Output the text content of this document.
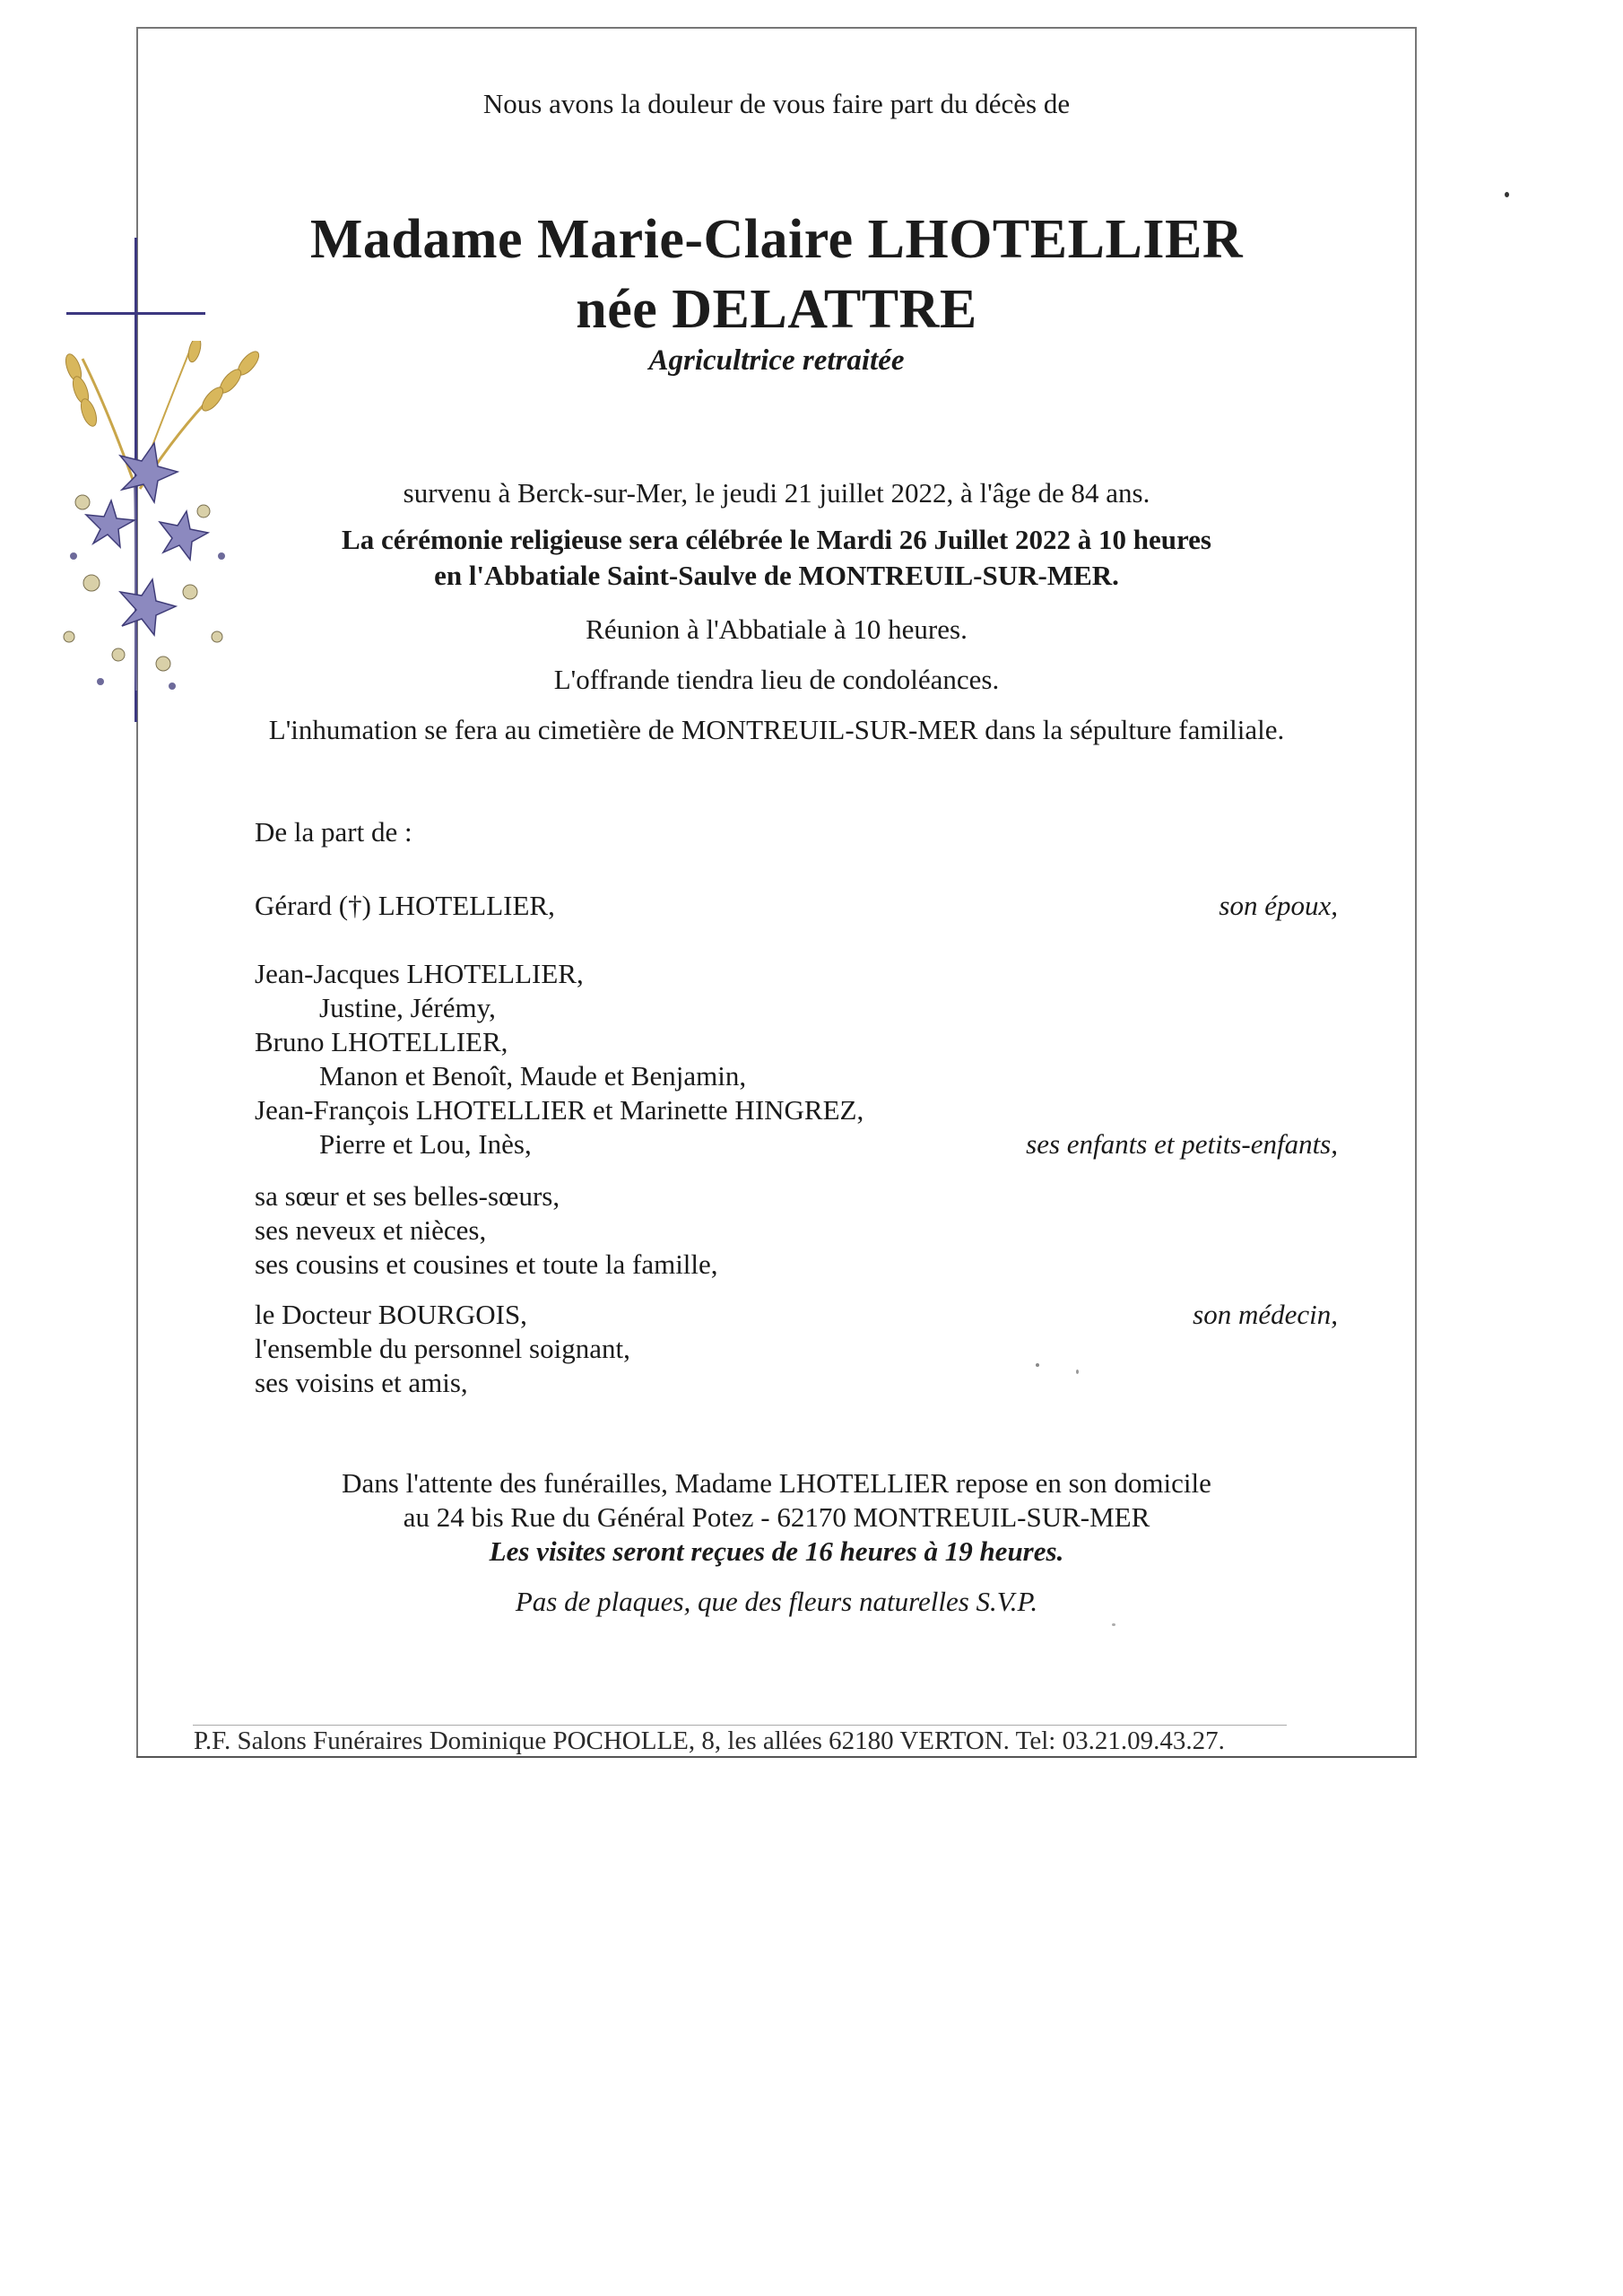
Nous avons la douleur de vous faire part du décès de
Madame Marie-Claire LHOTELLIER
née DELATTRE
Agricultrice retraitée
survenu à Berck-sur-Mer, le jeudi 21 juillet 2022, à l'âge de 84 ans.
La cérémonie religieuse sera célébrée le Mardi 26 Juillet 2022 à 10 heures
en l'Abbatiale Saint-Saulve de MONTREUIL-SUR-MER.
Réunion à l'Abbatiale à 10 heures.
L'offrande tiendra lieu de condoléances.
L'inhumation se fera au cimetière de MONTREUIL-SUR-MER dans la sépulture familiale.
De la part de :
Gérard (†) LHOTELLIER,	son époux,
Jean-Jacques LHOTELLIER,
Justine, Jérémy,
Bruno LHOTELLIER,
Manon et Benoît, Maude et Benjamin,
Jean-François LHOTELLIER et Marinette HINGREZ,
Pierre et Lou, Inès,	ses enfants et petits-enfants,
sa sœur et ses belles-sœurs,
ses neveux et nièces,
ses cousins et cousines et toute la famille,
le Docteur BOURGOIS,	son médecin,
l'ensemble du personnel soignant,
ses voisins et amis,
Dans l'attente des funérailles, Madame LHOTELLIER repose en son domicile
au 24 bis Rue du Général Potez - 62170 MONTREUIL-SUR-MER
Les visites seront reçues de 16 heures à 19 heures.
Pas de plaques, que des fleurs naturelles S.V.P.
P.F. Salons Funéraires Dominique POCHOLLE, 8, les allées 62180 VERTON. Tel: 03.21.09.43.27.
